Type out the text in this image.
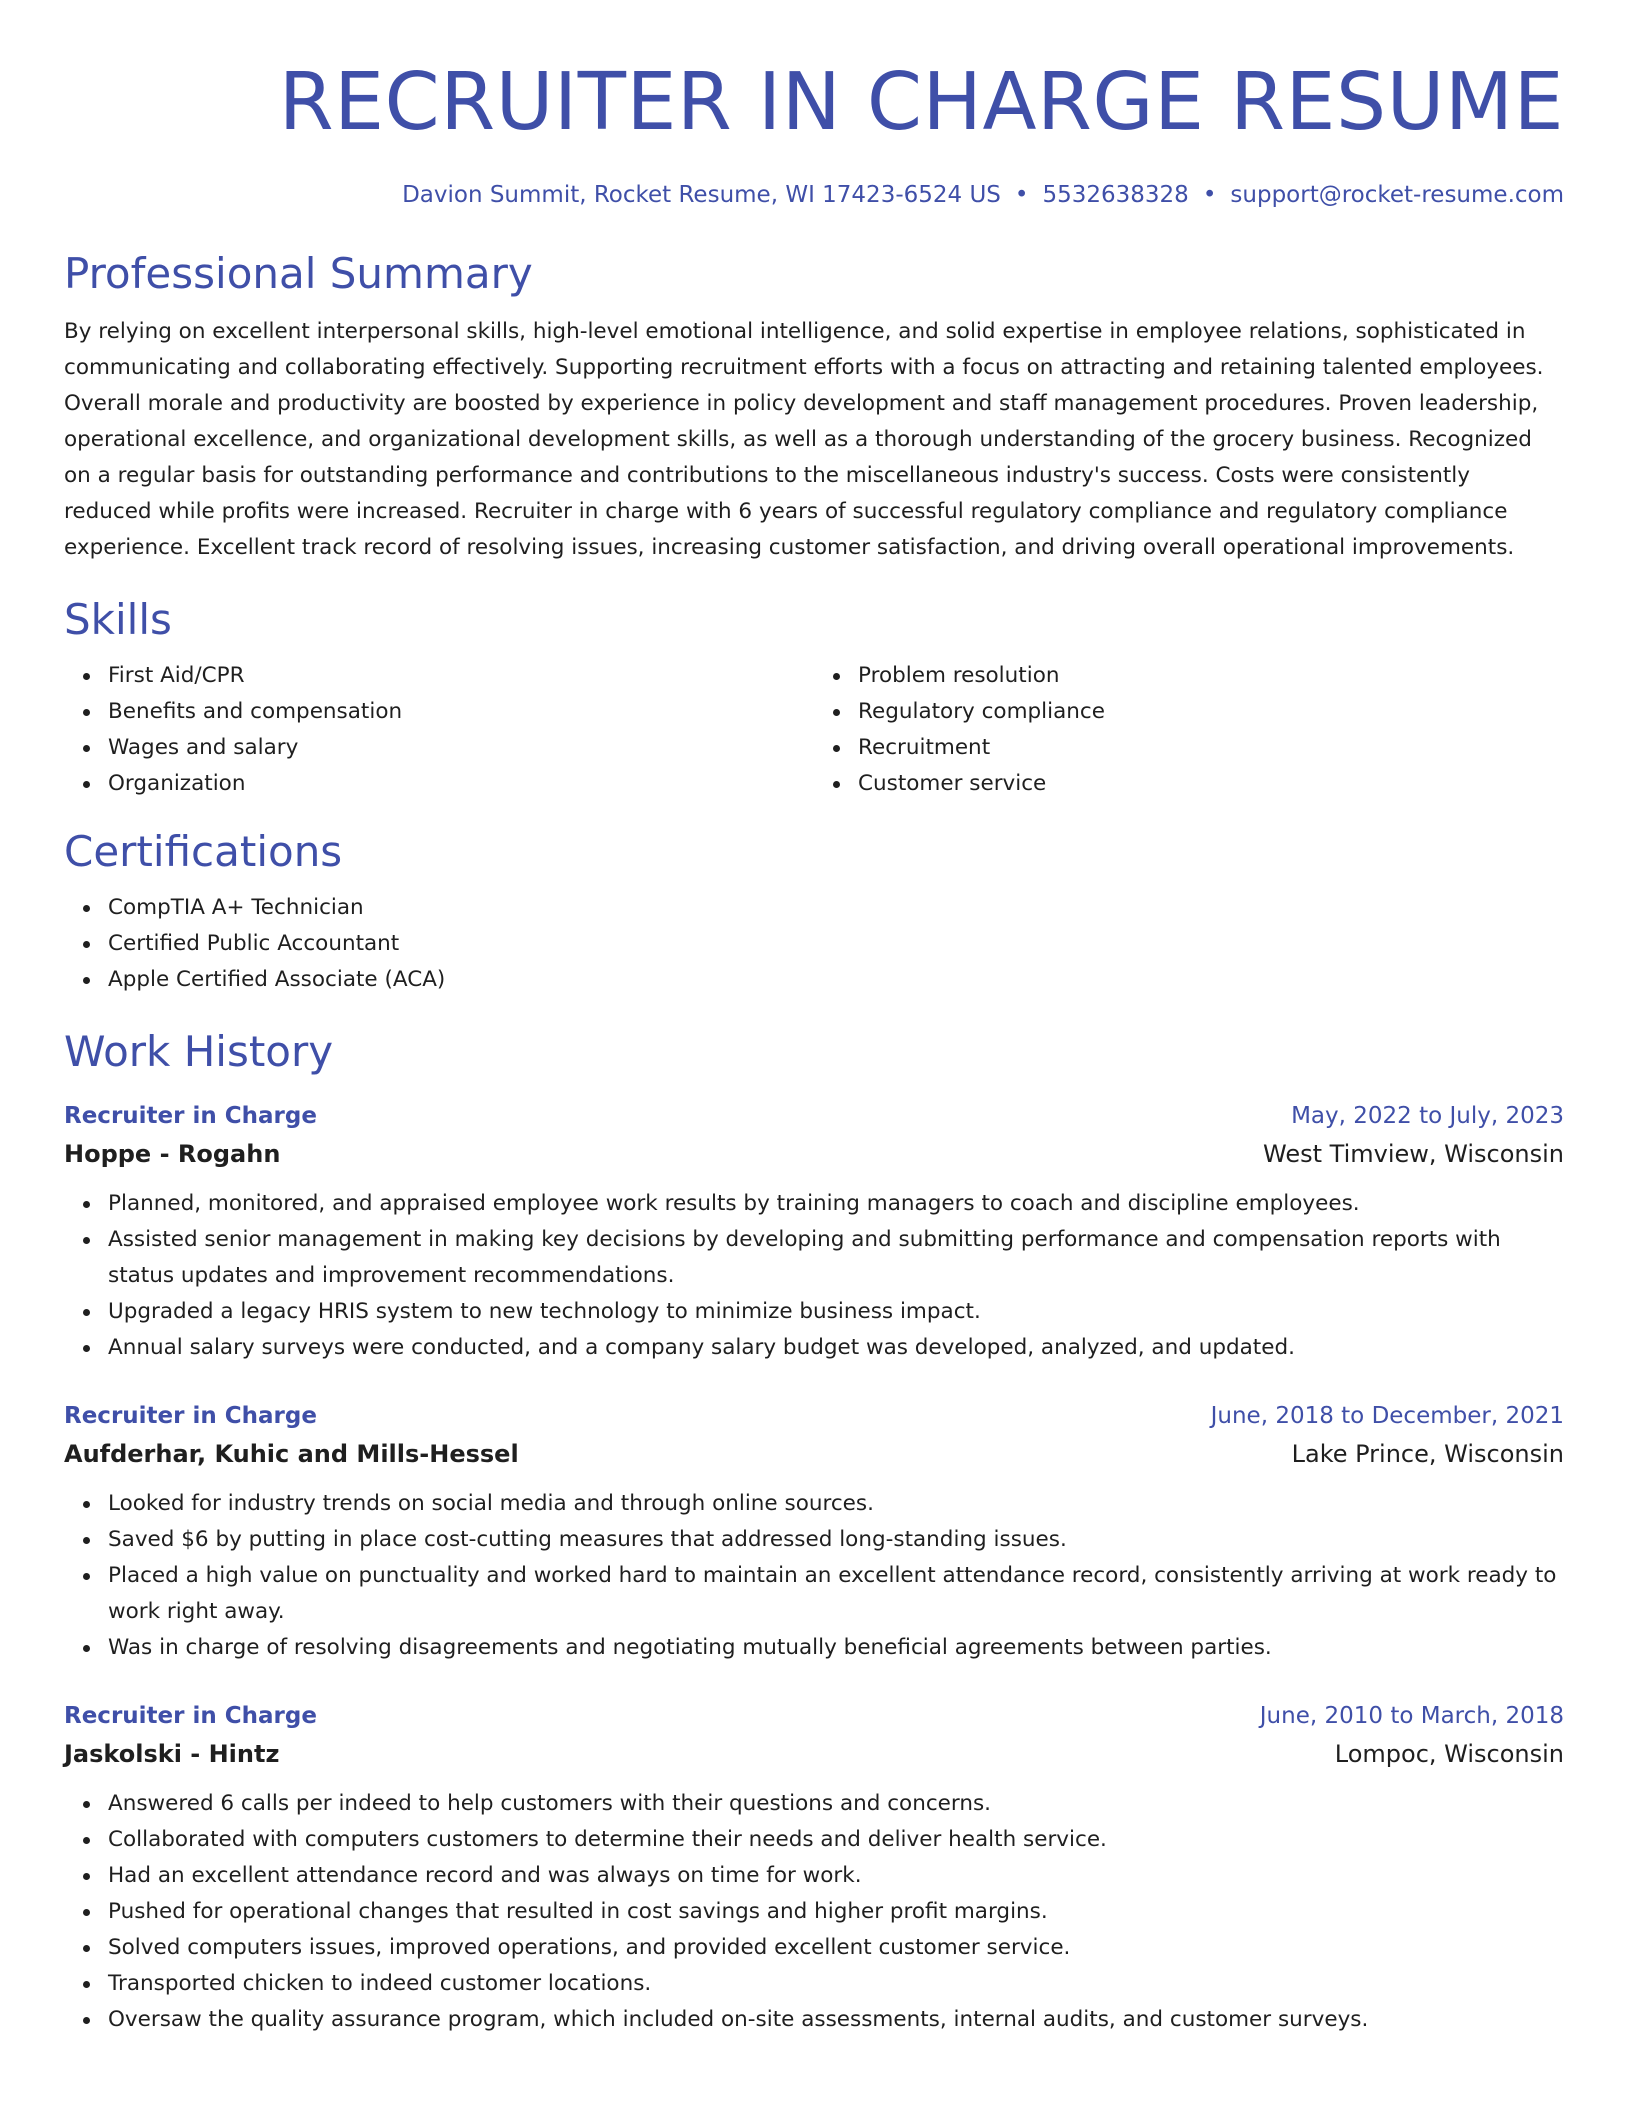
RECRUITER IN CHARGE RESUME
Davion Summit, Rocket Resume, WI 17423-6524 US • 5532638328 • support@rocket-resume.com
Professional Summary
By relying on excellent interpersonal skills, high-level emotional intelligence, and solid expertise in employee relations, sophisticated in communicating and collaborating effectively. Supporting recruitment efforts with a focus on attracting and retaining talented employees. Overall morale and productivity are boosted by experience in policy development and staff management procedures. Proven leadership, operational excellence, and organizational development skills, as well as a thorough understanding of the grocery business. Recognized on a regular basis for outstanding performance and contributions to the miscellaneous industry's success. Costs were consistently reduced while profits were increased. Recruiter in charge with 6 years of successful regulatory compliance and regulatory compliance experience. Excellent track record of resolving issues, increasing customer satisfaction, and driving overall operational improvements.
Skills
First Aid/CPR
Benefits and compensation
Wages and salary
Organization
Problem resolution
Regulatory compliance
Recruitment
Customer service
Certifications
CompTIA A+ Technician
Certified Public Accountant
Apple Certified Associate (ACA)
Work History
Recruiter in Charge	May, 2022 to July, 2023
Hoppe - Rogahn	West Timview, Wisconsin
Planned, monitored, and appraised employee work results by training managers to coach and discipline employees.
Assisted senior management in making key decisions by developing and submitting performance and compensation reports with status updates and improvement recommendations.
Upgraded a legacy HRIS system to new technology to minimize business impact.
Annual salary surveys were conducted, and a company salary budget was developed, analyzed, and updated.
Recruiter in Charge	June, 2018 to December, 2021
Aufderhar, Kuhic and Mills-Hessel	Lake Prince, Wisconsin
Looked for industry trends on social media and through online sources.
Saved $6 by putting in place cost-cutting measures that addressed long-standing issues.
Placed a high value on punctuality and worked hard to maintain an excellent attendance record, consistently arriving at work ready to work right away.
Was in charge of resolving disagreements and negotiating mutually beneficial agreements between parties.
Recruiter in Charge	June, 2010 to March, 2018
Jaskolski - Hintz	Lompoc, Wisconsin
Answered 6 calls per indeed to help customers with their questions and concerns.
Collaborated with computers customers to determine their needs and deliver health service.
Had an excellent attendance record and was always on time for work.
Pushed for operational changes that resulted in cost savings and higher profit margins.
Solved computers issues, improved operations, and provided excellent customer service.
Transported chicken to indeed customer locations.
Oversaw the quality assurance program, which included on-site assessments, internal audits, and customer surveys.
